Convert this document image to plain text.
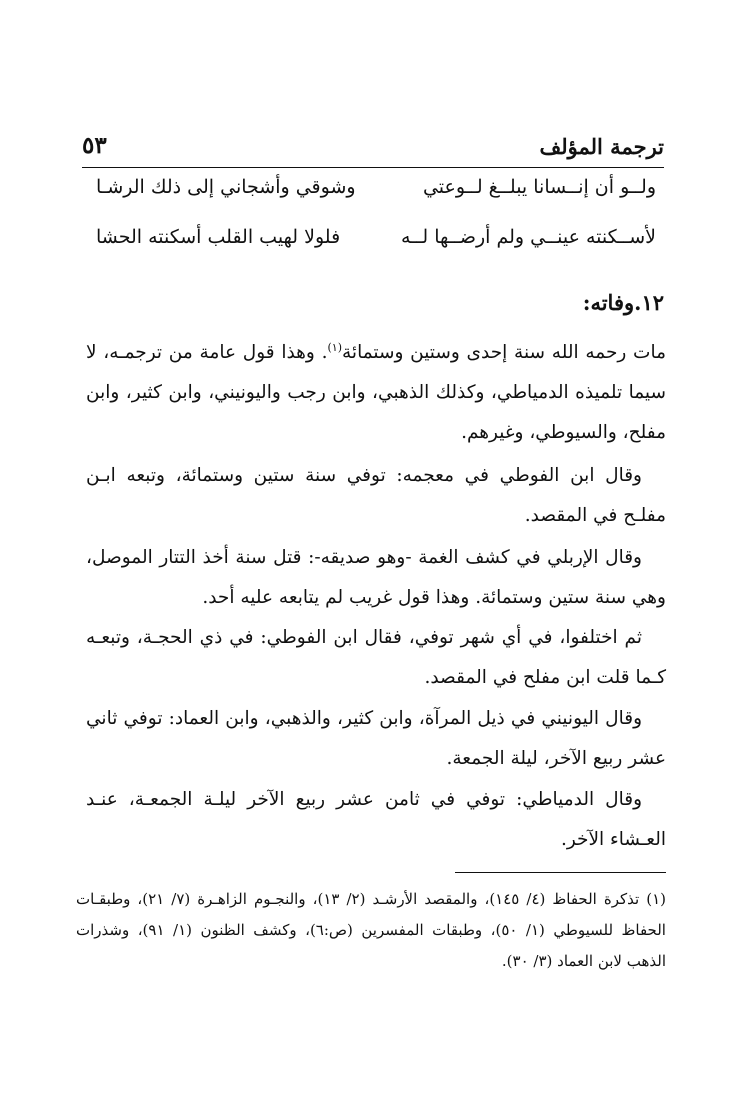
ترجمة المؤلف
٥٣
ولــو أن إنــسانا يبلــغ لــوعتي
وشوقي وأشجاني إلى ذلك الرشـا
لأســكنته عينــي ولم أرضــها لــه
فلولا لهيب القلب أسكنته الحشا
١٢.وفاته:

مات رحمه الله سنة إحدى وستين وستمائة$^{(١)}$. وهذا قول عامة من ترجمـه، لا سيما تلميذه الدمياطي، وكذلك الذهبي، وابن رجب واليونيني، وابن كثير، وابن مفلح، والسيوطي، وغيرهم.

وقال ابن الفوطي في معجمه: توفي سنة ستين وستمائة، وتبعه ابـن مفلـح في المقصد.

وقال الإربلي في كشف الغمة -وهو صديقه-: قتل سنة أخذ التتار الموصل، وهي سنة ستين وستمائة. وهذا قول غريب لم يتابعه عليه أحد.

ثم اختلفوا، في أي شهر توفي، فقال ابن الفوطي: في ذي الحجـة، وتبعـه كـما قلت ابن مفلح في المقصد.

وقال اليونيني في ذيل المرآة، وابن كثير، والذهبي، وابن العماد: توفي ثاني عشر ربيع الآخر، ليلة الجمعة.

وقال الدمياطي: توفي في ثامن عشر ربيع الآخر ليلـة الجمعـة، عنـد العـشاء الآخر.

(١) تذكرة الحفاظ (٤/ ١٤٥)، والمقصد الأرشـد (٢/ ١٣)، والنجـوم الزاهـرة (٧/ ٢١)، وطبقـات الحفاظ للسيوطي (١/ ٥٠)، وطبقات المفسرين (ص:٦)، وكشف الظنون (١/ ٩١)، وشذرات الذهب لابن العماد (٣/ ٣٠).
